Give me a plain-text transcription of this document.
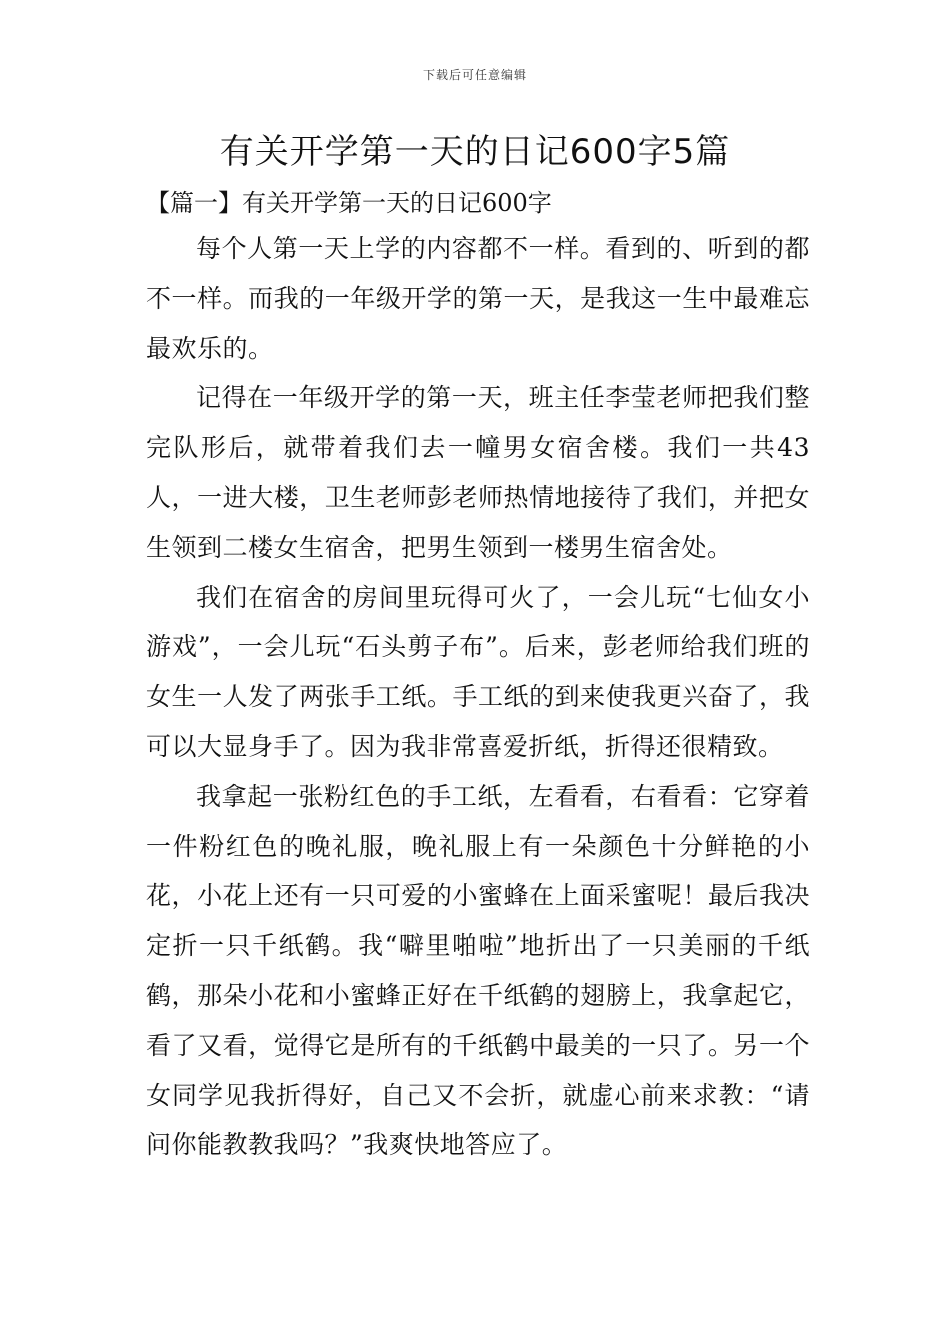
下载后可任意编辑
有关开学第一天的日记600字5篇
【篇一】有关开学第一天的日记600字

每个人第一天上学的内容都不一样。看到的、听到的都不一样。而我的一年级开学的第一天，是我这一生中最难忘最欢乐的。

记得在一年级开学的第一天，班主任李莹老师把我们整完队形后，就带着我们去一幢男女宿舍楼。我们一共43人，一进大楼，卫生老师彭老师热情地接待了我们，并把女生领到二楼女生宿舍，把男生领到一楼男生宿舍处。

我们在宿舍的房间里玩得可火了，一会儿玩“七仙女小游戏”，一会儿玩“石头剪子布”。后来，彭老师给我们班的女生一人发了两张手工纸。手工纸的到来使我更兴奋了，我可以大显身手了。因为我非常喜爱折纸，折得还很精致。

我拿起一张粉红色的手工纸，左看看，右看看：它穿着一件粉红色的晚礼服，晚礼服上有一朵颜色十分鲜艳的小花，小花上还有一只可爱的小蜜蜂在上面采蜜呢！最后我决定折一只千纸鹤。我“噼里啪啦”地折出了一只美丽的千纸鹤，那朵小花和小蜜蜂正好在千纸鹤的翅膀上，我拿起它，看了又看，觉得它是所有的千纸鹤中最美的一只了。另一个女同学见我折得好，自己又不会折，就虚心前来求教：“请问你能教教我吗？”我爽快地答应了。
